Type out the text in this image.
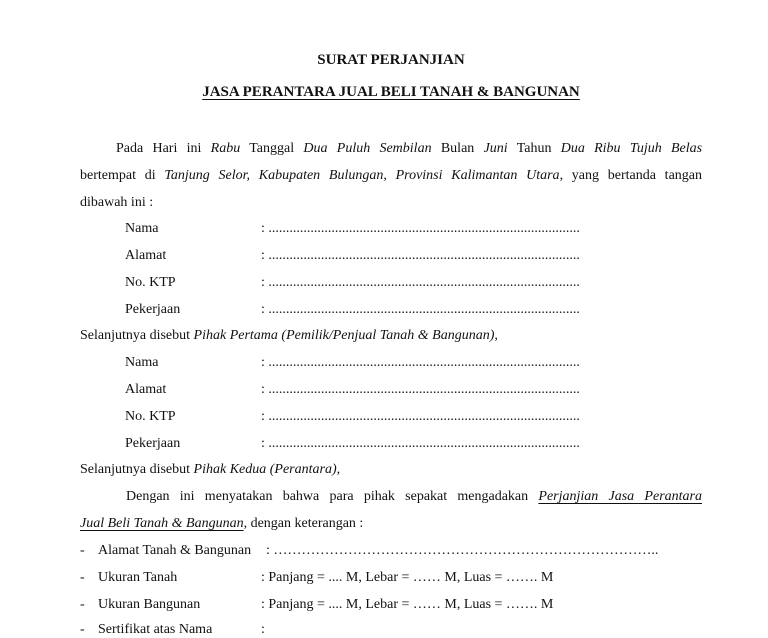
SURAT PERJANJIAN
JASA PERANTARA JUAL BELI TANAH & BANGUNAN
Pada Hari ini Rabu Tanggal Dua Puluh Sembilan Bulan Juni Tahun Dua Ribu Tujuh Belas
bertempat di Tanjung Selor, Kabupaten Bulungan, Provinsi Kalimantan Utara, yang bertanda tangan
dibawah ini :
Nama	: .........................................................................................
Alamat	: .........................................................................................
No. KTP	: .........................................................................................
Pekerjaan	: .........................................................................................
Selanjutnya disebut Pihak Pertama (Pemilik/Penjual Tanah & Bangunan),
Nama	: .........................................................................................
Alamat	: .........................................................................................
No. KTP	: .........................................................................................
Pekerjaan	: .........................................................................................
Selanjutnya disebut Pihak Kedua (Perantara),
Dengan ini menyatakan bahwa para pihak sepakat mengadakan Perjanjian Jasa Perantara
Jual Beli Tanah & Bangunan, dengan keterangan :
- Alamat Tanah & Bangunan : ………………………………………………………………………..
- Ukuran Tanah	: Panjang = .... M, Lebar = …… M, Luas = ……. M
- Ukuran Bangunan	: Panjang = .... M, Lebar = …… M, Luas = ……. M
- Sertifikat atas Nama	:
